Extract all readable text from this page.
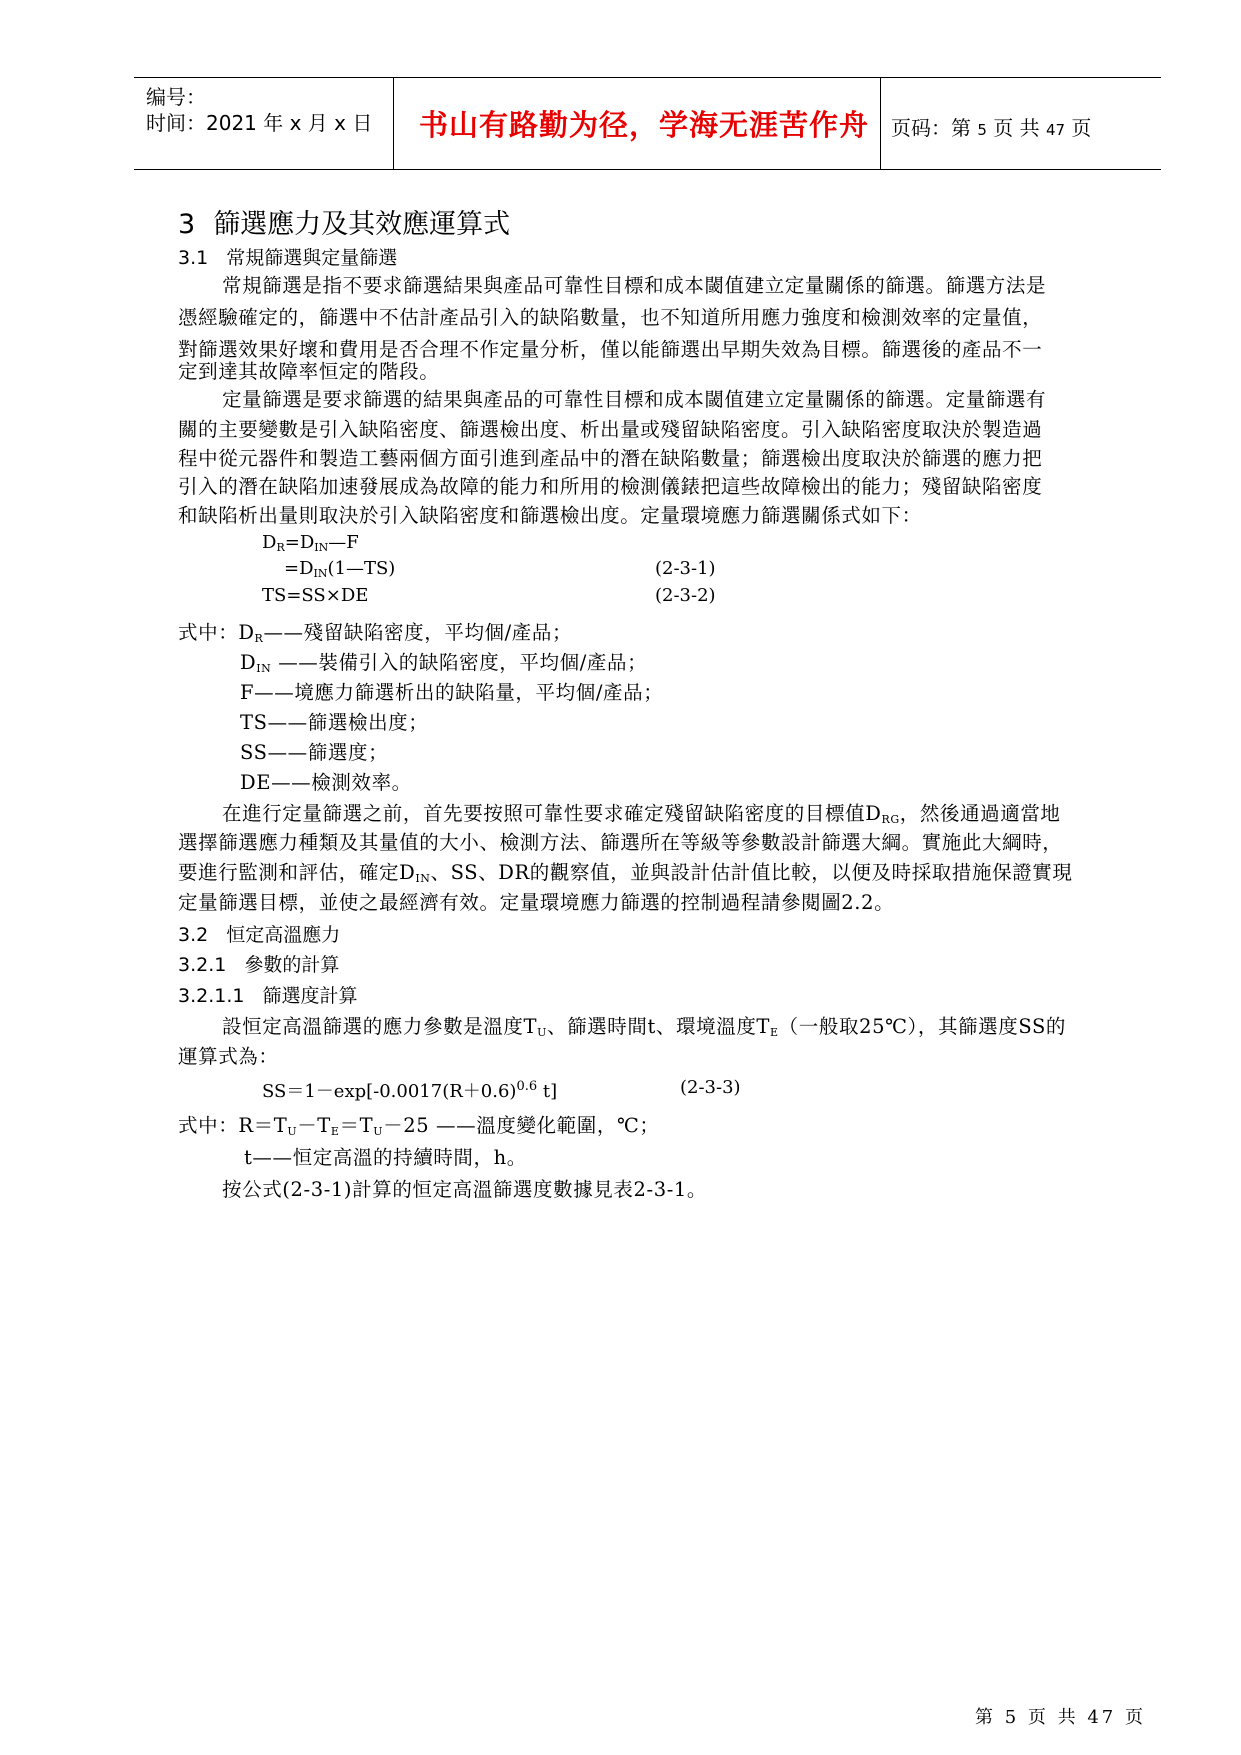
编号：
时间：2021 年 x 月 x 日 书山有路勤为径，学海无涯苦作舟 页码：第 5 页 共 47 页
3 篩選應力及其效應運算式
3.1 常規篩選與定量篩選
常規篩選是指不要求篩選結果與產品可靠性目標和成本閾值建立定量關係的篩選。篩選方法是
憑經驗確定的，篩選中不估計產品引入的缺陷數量，也不知道所用應力強度和檢測效率的定量值，
對篩選效果好壞和費用是否合理不作定量分析，僅以能篩選出早期失效為目標。篩選後的產品不一
定到達其故障率恒定的階段。
定量篩選是要求篩選的結果與產品的可靠性目標和成本閾值建立定量關係的篩選。定量篩選有
關的主要變數是引入缺陷密度、篩選檢出度、析出量或殘留缺陷密度。引入缺陷密度取決於製造過
程中從元器件和製造工藝兩個方面引進到產品中的潛在缺陷數量；篩選檢出度取決於篩選的應力把
引入的潛在缺陷加速發展成為故障的能力和所用的檢測儀錶把這些故障檢出的能力；殘留缺陷密度
和缺陷析出量則取決於引入缺陷密度和篩選檢出度。定量環境應力篩選關係式如下：
$D_R=D_{IN}—F$
$=D_{IN}(1—TS)$	(2-3-1)
TS=SS×DE	(2-3-2)
式中：$D_R——$殘留缺陷密度，平均個/產品；
$D_{IN}$ ——裝備引入的缺陷密度，平均個/產品；
F——境應力篩選析出的缺陷量，平均個/產品；
TS——篩選檢出度；
SS——篩選度；
DE——檢測效率。
在進行定量篩選之前，首先要按照可靠性要求確定殘留缺陷密度的目標值$D_{RG}$，然後通過適當地
選擇篩選應力種類及其量值的大小、檢測方法、篩選所在等級等參數設計篩選大綱。實施此大綱時，
要進行監測和評估，確定$D_{IN}$、SS、DR的觀察值，並與設計估計值比較，以便及時採取措施保證實現
定量篩選目標，並使之最經濟有效。定量環境應力篩選的控制過程請參閱圖2.2。
3.2 恒定高溫應力
3.2.1 參數的計算
3.2.1.1 篩選度計算
設恒定高溫篩選的應力參數是溫度$T_U$、篩選時間t、環境溫度$T_E$（一般取25℃），其篩選度SS的
運算式為：
$SS=1-\exp[-0.0017(R+0.6)^{0.6}$ t]	(2-3-3)
式中：$R=T_U-T_E=T_U-25$ ——溫度變化範圍，℃；
t——恒定高溫的持續時間，h。
按公式(2-3-1)計算的恒定高溫篩選度數據見表2-3-1。
第 5 页 共 47 页
